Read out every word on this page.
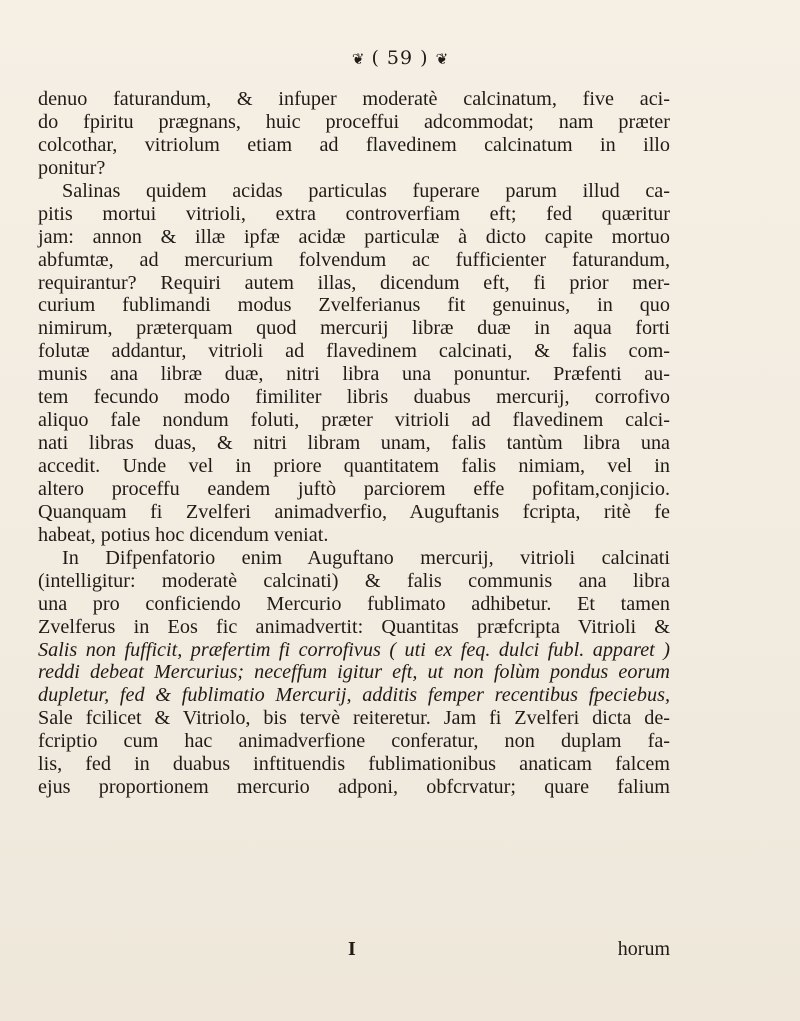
❦ ( 59 ) ❦
denuo faturandum, & infuper moderatè calcinatum, five aci-
do fpiritu prægnans, huic proceffui adcommodat; nam præter
colcothar, vitriolum etiam ad flavedinem calcinatum in illo
ponitur?
Salinas quidem acidas particulas fuperare parum illud ca-
pitis mortui vitrioli, extra controverfiam eft; fed quæritur
jam: annon & illæ ipfæ acidæ particulæ à dicto capite mortuo
abfumtæ, ad mercurium folvendum ac fufficienter faturandum,
requirantur? Requiri autem illas, dicendum eft, fi prior mer-
curium fublimandi modus Zvelferianus fit genuinus, in quo
nimirum, præterquam quod mercurij libræ duæ in aqua forti
folutæ addantur, vitrioli ad flavedinem calcinati, & falis com-
munis ana libræ duæ, nitri libra una ponuntur. Præfenti au-
tem fecundo modo fimiliter libris duabus mercurij, corrofivo
aliquo fale nondum foluti, præter vitrioli ad flavedinem calci-
nati libras duas, & nitri libram unam, falis tantùm libra una
accedit. Unde vel in priore quantitatem falis nimiam, vel in
altero proceffu eandem juftò parciorem effe pofitam,conjicio.
Quanquam fi Zvelferi animadverfio, Auguftanis fcripta, ritè fe
habeat, potius hoc dicendum veniat.
In Difpenfatorio enim Auguftano mercurij, vitrioli calcinati
(intelligitur: moderatè calcinati) & falis communis ana libra
una pro conficiendo Mercurio fublimato adhibetur. Et tamen
Zvelferus in Eos fic animadvertit: Quantitas præfcripta Vitrioli &
Salis non fufficit, præfertim fi corrofivus ( uti ex feq. dulci fubl. apparet )
reddi debeat Mercurius; neceffum igitur eft, ut non folùm pondus eorum
dupletur, fed & fublimatio Mercurij, additis femper recentibus fpeciebus,
Sale fcilicet & Vitriolo, bis tervè reiteretur. Jam fi Zvelferi dicta de-
fcriptio cum hac animadverfione conferatur, non duplam fa-
lis, fed in duabus inftituendis fublimationibus anaticam falcem
ejus proportionem mercurio adponi, obfcrvatur; quare falium
I	horum
